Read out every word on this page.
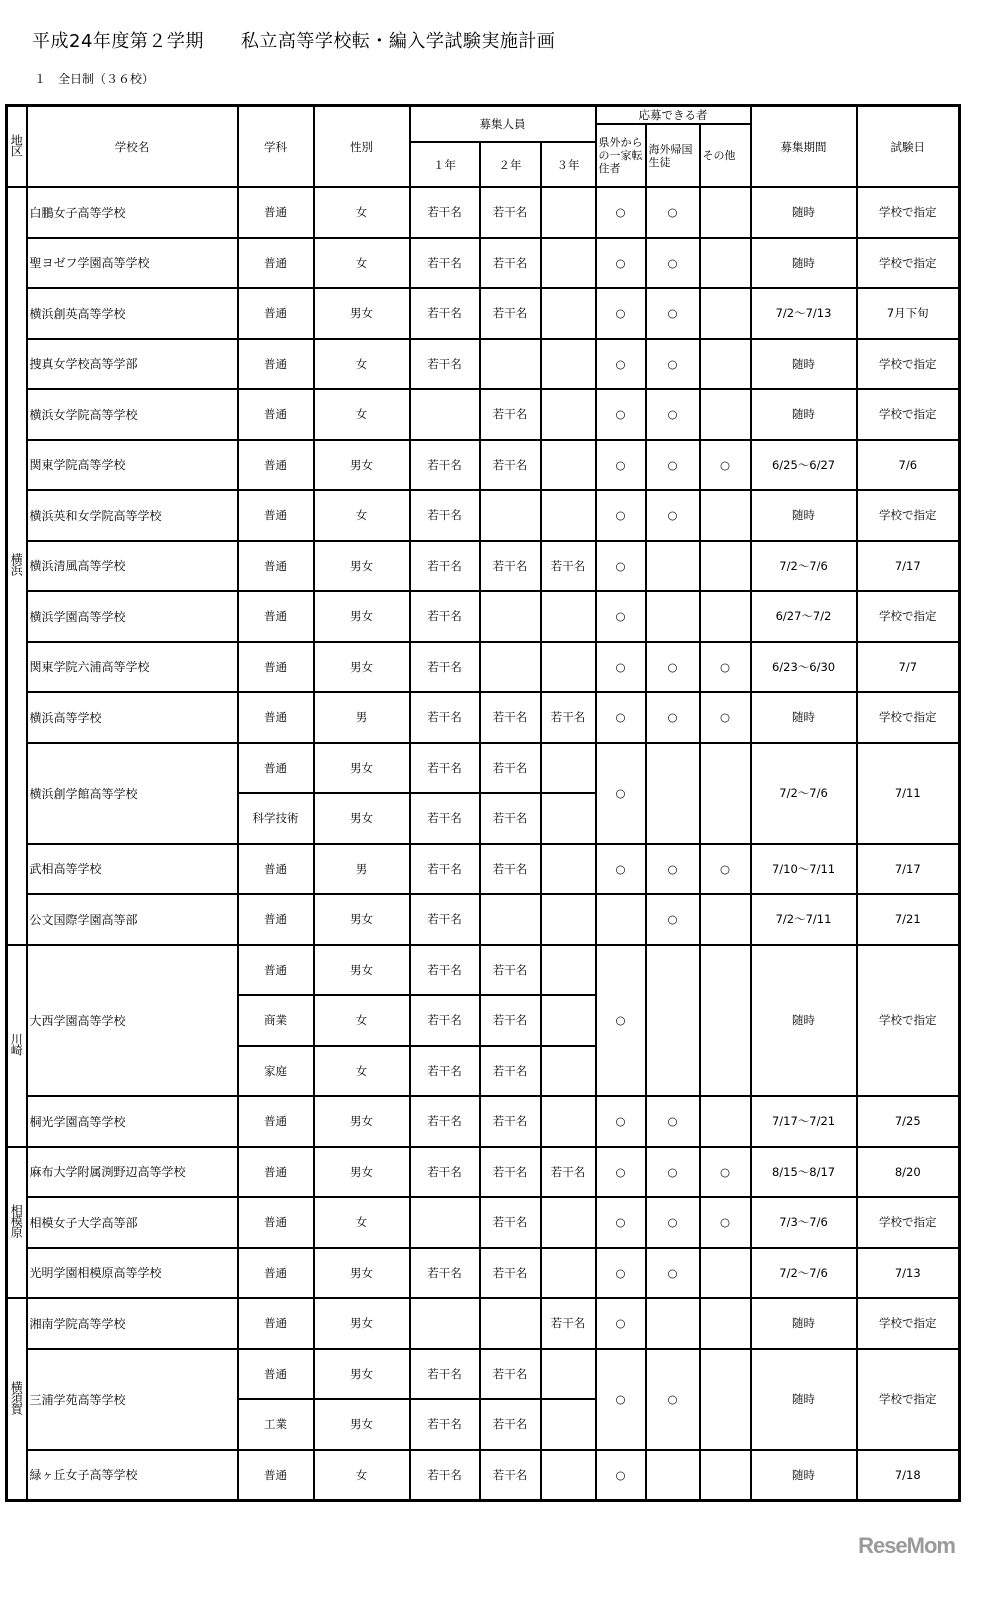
平成24年度第２学期　　私立高等学校転・編入学試験実施計画
１　全日制（３６校）
地区	学校名	学科	性別	募集人員			応募できる者			募集期間	試験日
							県外からの一家転住者	海外帰国生徒	その他		
				１年	２年	３年					
横浜	白鵬女子高等学校	普通	女	若干名	若干名		○	○		随時	学校で指定
	聖ヨゼフ学園高等学校	普通	女	若干名	若干名		○	○		随時	学校で指定
	横浜創英高等学校	普通	男女	若干名	若干名		○	○		7/2～7/13	7月下旬
	捜真女学校高等学部	普通	女	若干名			○	○		随時	学校で指定
	横浜女学院高等学校	普通	女		若干名		○	○		随時	学校で指定
	関東学院高等学校	普通	男女	若干名	若干名		○	○	○	6/25～6/27	7/6
	横浜英和女学院高等学校	普通	女	若干名			○	○		随時	学校で指定
	横浜清風高等学校	普通	男女	若干名	若干名	若干名	○			7/2～7/6	7/17
	横浜学園高等学校	普通	男女	若干名			○			6/27～7/2	学校で指定
	関東学院六浦高等学校	普通	男女	若干名			○	○	○	6/23～6/30	7/7
	横浜高等学校	普通	男	若干名	若干名	若干名	○	○	○	随時	学校で指定
	横浜創学館高等学校	普通	男女	若干名	若干名		○			7/2～7/6	7/11
		科学技術	男女	若干名	若干名						
	武相高等学校	普通	男	若干名	若干名		○	○	○	7/10～7/11	7/17
	公文国際学園高等部	普通	男女	若干名				○		7/2～7/11	7/21
川崎	大西学園高等学校	普通	男女	若干名	若干名		○			随時	学校で指定
		商業	女	若干名	若干名						
		家庭	女	若干名	若干名						
	桐光学園高等学校	普通	男女	若干名	若干名		○	○		7/17～7/21	7/25
相模原	麻布大学附属渕野辺高等学校	普通	男女	若干名	若干名	若干名	○	○	○	8/15～8/17	8/20
	相模女子大学高等部	普通	女		若干名		○	○	○	7/3～7/6	学校で指定
	光明学園相模原高等学校	普通	男女	若干名	若干名		○	○		7/2～7/6	7/13
横須賀	湘南学院高等学校	普通	男女			若干名	○			随時	学校で指定
	三浦学苑高等学校	普通	男女	若干名	若干名		○	○		随時	学校で指定
		工業	男女	若干名	若干名						
	緑ヶ丘女子高等学校	普通	女	若干名	若干名		○			随時	7/18
ReseMom
